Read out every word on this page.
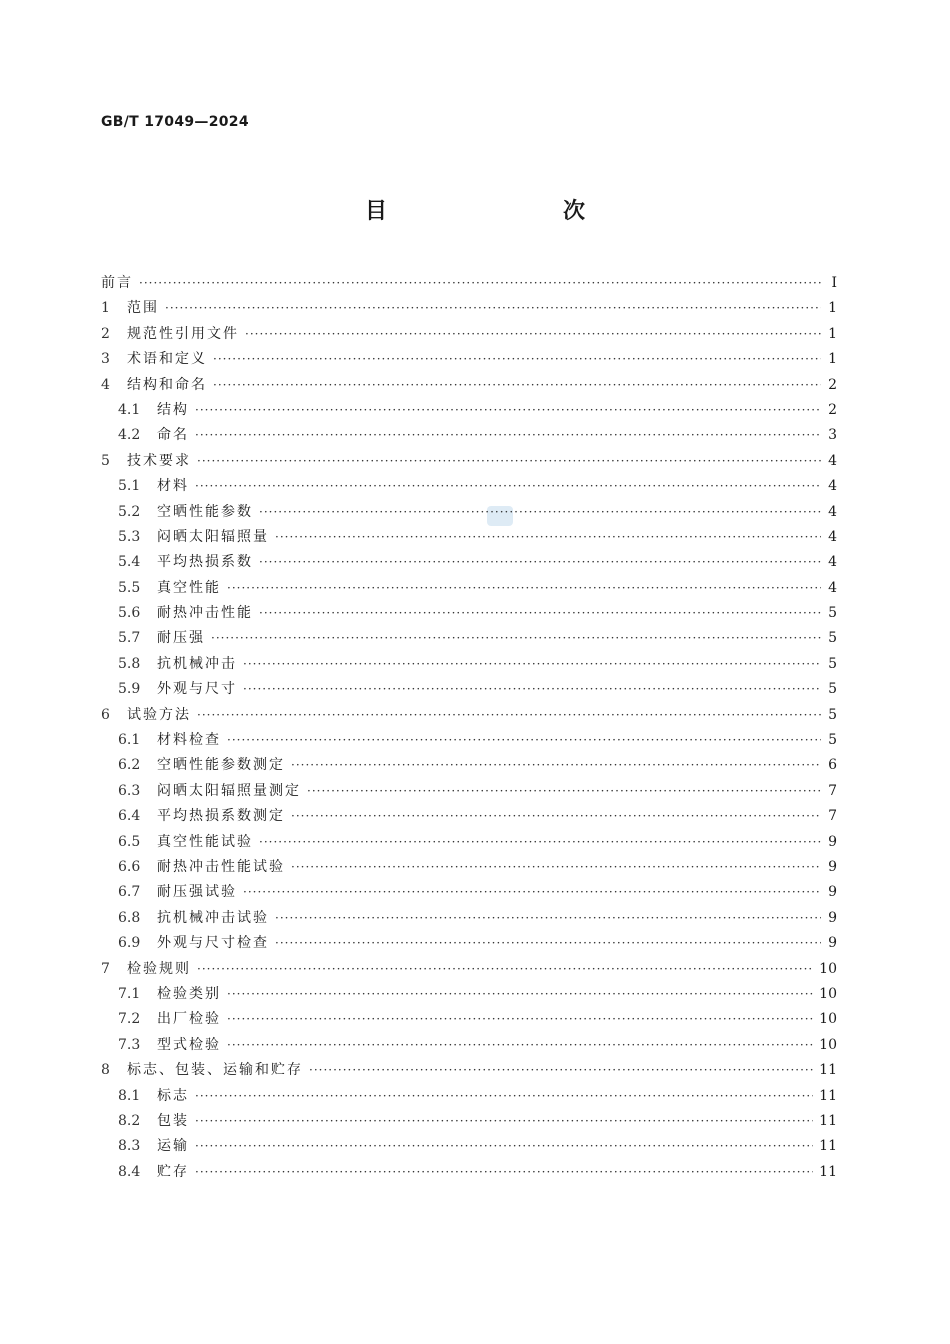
GB/T 17049—2024
目　　次
前言 ·····	Ⅰ
1	范围 ·····	1
2	规范性引用文件 ·····	1
3	术语和定义 ·····	1
4	结构和命名 ·····	2
4.1	结构 ·····	2
4.2	命名 ·····	3
5	技术要求 ·····	4
5.1	材料 ·····	4
5.2	空晒性能参数 ·····	4
5.3	闷晒太阳辐照量 ·····	4
5.4	平均热损系数 ·····	4
5.5	真空性能 ·····	4
5.6	耐热冲击性能 ·····	5
5.7	耐压强 ·····	5
5.8	抗机械冲击 ·····	5
5.9	外观与尺寸 ·····	5
6	试验方法 ·····	5
6.1	材料检查 ·····	5
6.2	空晒性能参数测定 ·····	6
6.3	闷晒太阳辐照量测定 ·····	7
6.4	平均热损系数测定 ·····	7
6.5	真空性能试验 ·····	9
6.6	耐热冲击性能试验 ·····	9
6.7	耐压强试验 ·····	9
6.8	抗机械冲击试验 ·····	9
6.9	外观与尺寸检查 ·····	9
7	检验规则 ·····	10
7.1	检验类别 ·····	10
7.2	出厂检验 ·····	10
7.3	型式检验 ·····	10
8	标志、包装、运输和贮存 ·····	11
8.1	标志 ·····	11
8.2	包装 ·····	11
8.3	运输 ·····	11
8.4	贮存 ·····	11
